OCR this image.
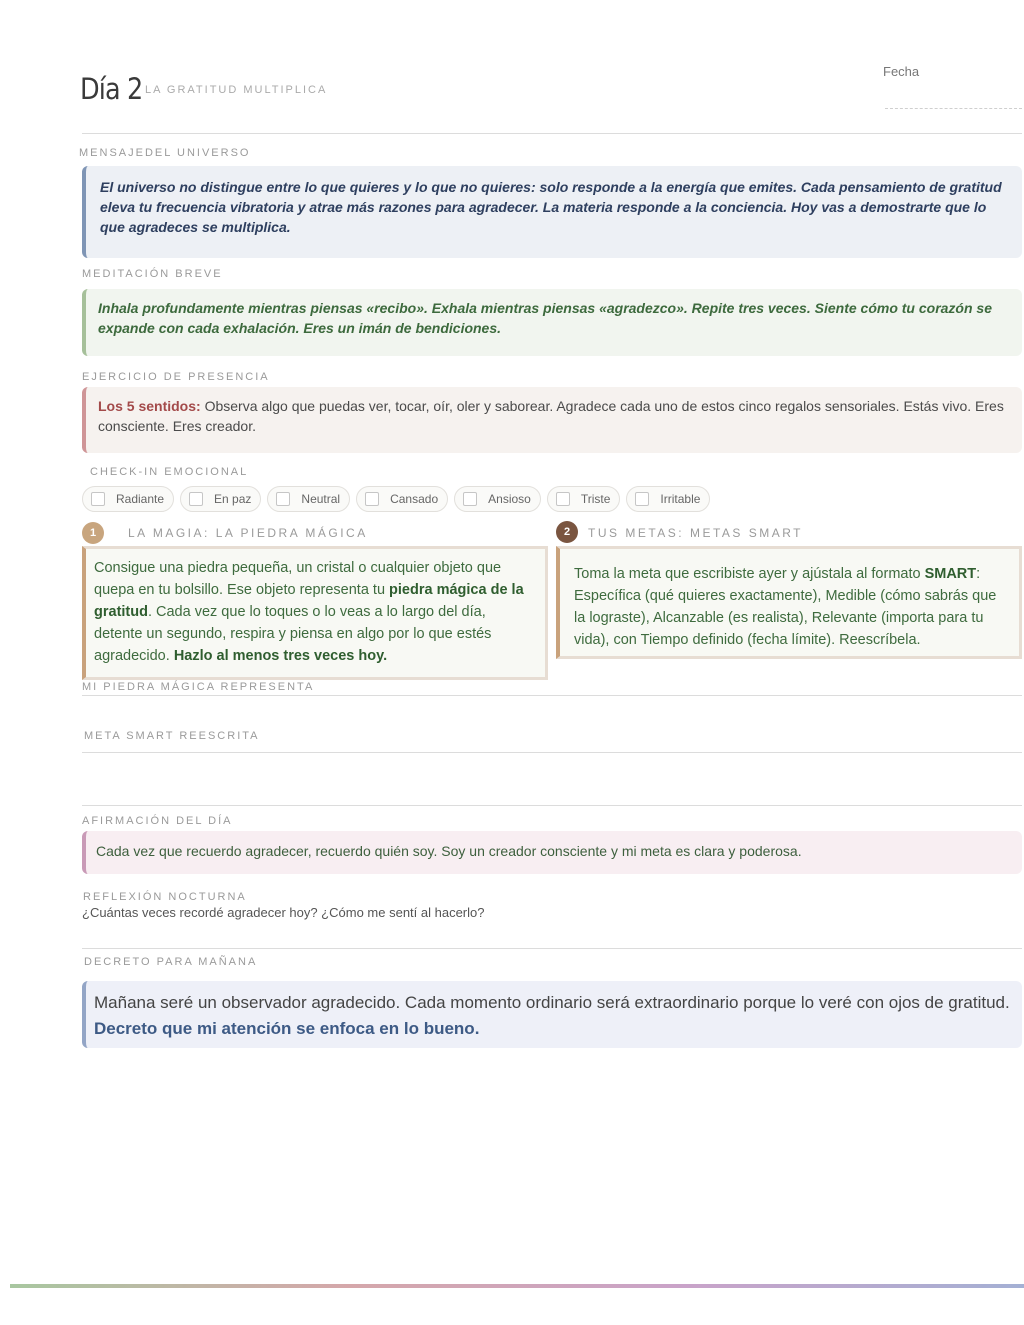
Día 2 LA GRATITUD MULTIPLICA
Fecha
MENSAJEDEL UNIVERSO

El universo no distingue entre lo que quieres y lo que no quieres: solo responde a la energía que emites. Cada pensamiento de gratitud eleva tu frecuencia vibratoria y atrae más razones para agradecer. La materia responde a la conciencia. Hoy vas a demostrarte que lo que agradeces se multiplica.

MEDITACIÓN BREVE

Inhala profundamente mientras piensas «recibo». Exhala mientras piensas «agradezco». Repite tres veces. Siente cómo tu corazón se expande con cada exhalación. Eres un imán de bendiciones.

EJERCICIO DE PRESENCIA

Los 5 sentidos: Observa algo que puedas ver, tocar, oír, oler y saborear. Agradece cada uno de estos cinco regalos sensoriales. Estás vivo. Eres consciente. Eres creador.

CHECK-IN EMOCIONAL
Radiante	En paz	Neutral	Cansado	Ansioso	Triste	Irritable
1	LA MAGIA: LA PIEDRA MÁGICA

Consigue una piedra pequeña, un cristal o cualquier objeto que quepa en tu bolsillo. Ese objeto representa tu piedra mágica de la gratitud. Cada vez que lo toques o lo veas a lo largo del día, detente un segundo, respira y piensa en algo por lo que estés agradecido. Hazlo al menos tres veces hoy.

2	TUS METAS: METAS SMART

Toma la meta que escribiste ayer y ajústala al formato SMART: Específica (qué quieres exactamente), Medible (cómo sabrás que la lograste), Alcanzable (es realista), Relevante (importa para tu vida), con Tiempo definido (fecha límite). Reescríbela.

MI PIEDRA MÁGICA REPRESENTA
META SMART REESCRITA
AFIRMACIÓN DEL DÍA

Cada vez que recuerdo agradecer, recuerdo quién soy. Soy un creador consciente y mi meta es clara y poderosa.

REFLEXIÓN NOCTURNA
¿Cuántas veces recordé agradecer hoy? ¿Cómo me sentí al hacerlo?
DECRETO PARA MAÑANA

Mañana seré un observador agradecido. Cada momento ordinario será extraordinario porque lo veré con ojos de gratitud. Decreto que mi atención se enfoca en lo bueno.
